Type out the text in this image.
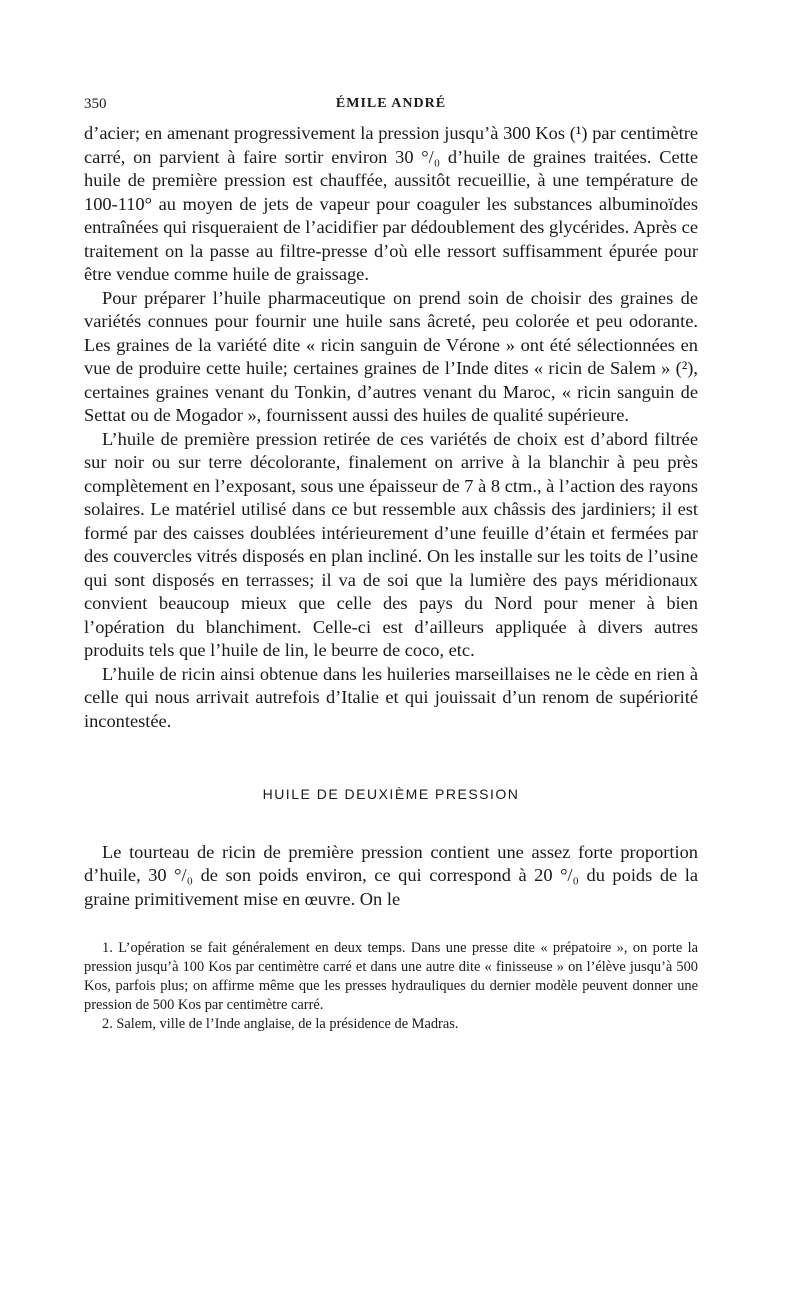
350	ÉMILE ANDRÉ

d’acier; en amenant progressivement la pression jusqu’à 300 Kos (¹) par centimètre carré, on parvient à faire sortir environ 30 °/₀ d’huile de graines traitées. Cette huile de première pression est chauffée, aussitôt recueillie, à une température de 100-110° au moyen de jets de vapeur pour coaguler les substances albuminoïdes entraînées qui risqueraient de l’acidifier par dédoublement des glycérides. Après ce traitement on la passe au filtre-presse d’où elle ressort suffisamment épurée pour être vendue comme huile de graissage.

Pour préparer l’huile pharmaceutique on prend soin de choisir des graines de variétés connues pour fournir une huile sans âcreté, peu colorée et peu odorante. Les graines de la variété dite « ricin sanguin de Vérone » ont été sélectionnées en vue de produire cette huile; certaines graines de l’Inde dites « ricin de Salem » (²), certaines graines venant du Tonkin, d’autres venant du Maroc, « ricin sanguin de Settat ou de Mogador », fournissent aussi des huiles de qualité supérieure.

L’huile de première pression retirée de ces variétés de choix est d’abord filtrée sur noir ou sur terre décolorante, finalement on arrive à la blanchir à peu près complètement en l’exposant, sous une épaisseur de 7 à 8 ctm., à l’action des rayons solaires. Le matériel utilisé dans ce but ressemble aux châssis des jardiniers; il est formé par des caisses doublées intérieurement d’une feuille d’étain et fermées par des couvercles vitrés disposés en plan incliné. On les installe sur les toits de l’usine qui sont disposés en terrasses; il va de soi que la lumière des pays méridionaux convient beaucoup mieux que celle des pays du Nord pour mener à bien l’opération du blanchiment. Celle-ci est d’ailleurs appliquée à divers autres produits tels que l’huile de lin, le beurre de coco, etc.

L’huile de ricin ainsi obtenue dans les huileries marseillaises ne le cède en rien à celle qui nous arrivait autrefois d’Italie et qui jouissait d’un renom de supériorité incontestée.

HUILE DE DEUXIÈME PRESSION

Le tourteau de ricin de première pression contient une assez forte proportion d’huile, 30 °/₀ de son poids environ, ce qui correspond à 20 °/₀ du poids de la graine primitivement mise en œuvre. On le

1. L’opération se fait généralement en deux temps. Dans une presse dite « prépatoire », on porte la pression jusqu’à 100 Kos par centimètre carré et dans une autre dite « finisseuse » on l’élève jusqu’à 500 Kos, parfois plus; on affirme même que les presses hydrauliques du dernier modèle peuvent donner une pression de 500 Kos par centimètre carré.

2. Salem, ville de l’Inde anglaise, de la présidence de Madras.
